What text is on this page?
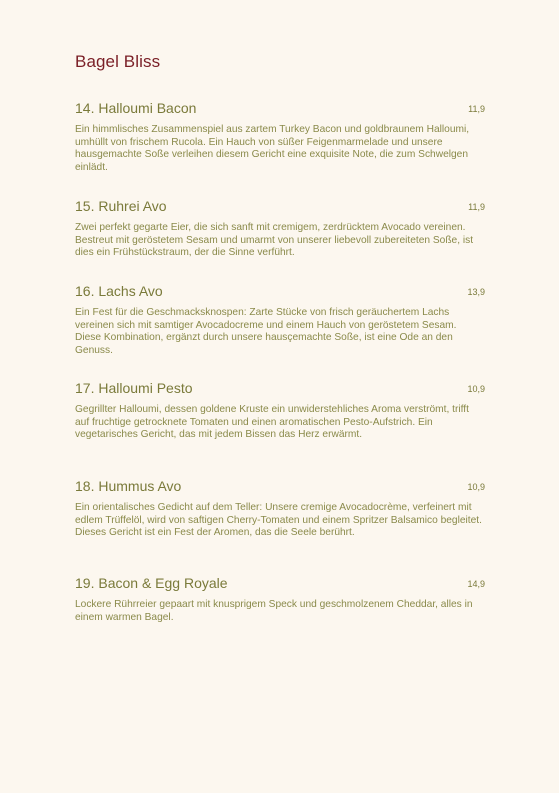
Bagel Bliss
14. Halloumi Bacon	11,9
Ein himmlisches Zusammenspiel aus zartem Turkey Bacon und goldbraunem Halloumi, umhüllt von frischem Rucola. Ein Hauch von süßer Feigenmarmelade und unsere hausgemachte Soße verleihen diesem Gericht eine exquisite Note, die zum Schwelgen einlädt.
15. Ruhrei Avo	11,9
Zwei perfekt gegarte Eier, die sich sanft mit cremigem, zerdrücktem Avocado vereinen. Bestreut mit geröstetem Sesam und umarmt von unserer liebevoll zubereiteten Soße, ist dies ein Frühstückstraum, der die Sinne verführt.
16. Lachs Avo	13,9
Ein Fest für die Geschmacksknospen: Zarte Stücke von frisch geräuchertem Lachs vereinen sich mit samtiger Avocadocreme und einem Hauch von geröstetem Sesam. Diese Kombination, ergänzt durch unsere hausçemachte Soße, ist eine Ode an den Genuss.
17. Halloumi Pesto	10,9
Gegrillter Halloumi, dessen goldene Kruste ein unwiderstehliches Aroma verströmt, trifft auf fruchtige getrocknete Tomaten und einen aromatischen Pesto-Aufstrich. Ein vegetarisches Gericht, das mit jedem Bissen das Herz erwärmt.
18. Hummus Avo	10,9
Ein orientalisches Gedicht auf dem Teller: Unsere cremige Avocadocrème, verfeinert mit edlem Trüffelöl, wird von saftigen Cherry-Tomaten und einem Spritzer Balsamico begleitet. Dieses Gericht ist ein Fest der Aromen, das die Seele berührt.
19. Bacon & Egg Royale	14,9
Lockere Rührreier gepaart mit knusprigem Speck und geschmolzenem Cheddar, alles in einem warmen Bagel.
